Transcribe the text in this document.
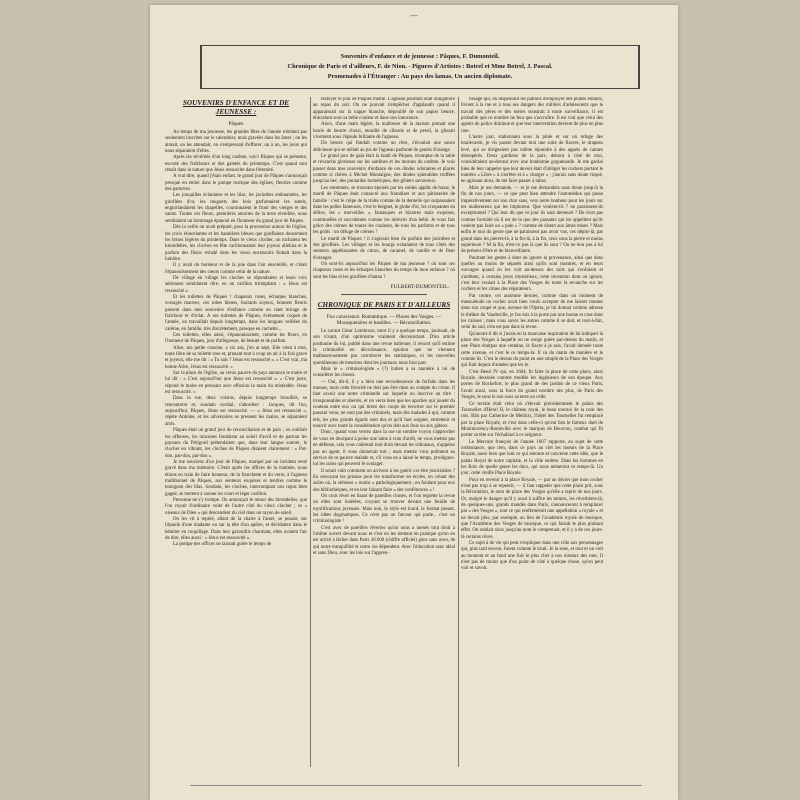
—
Souvenirs d'enfance et de jeunesse : Pâques, F. Dumonteil.
Chronique de Paris et d'ailleurs, F. de Nion. - Pigures d'Artistes : Botrel et Mme Botrel, J. Pascal.
Promenades à l'Étranger : Au pays des lamas, Un ancien diplomate.
SOUVENIRS D'ENFANCE ET DE JEUNESSE :
Pâques

Au temps de ma jeunesse, les grandes fêtes de l'année n'étaient pas seulement inscrites sur le calendrier, mais gravées dans les âmes ; on les aimait, on les attendait, on s'empressait d'effacer, un à un, les jours qui nous séparaient d'elles.

Après les sévérités d'un long carême, voici Pâques qui se présente, escorté des fraîcheurs et des gaietés du printemps. C'est quand tout renaît dans la nature que Jésus ressuscite dans l'éternité.

A vrai dire, quand j'étais enfant, le grand jour de Pâques s'annonçait presque en entier dans le pompe rustique des églises, fleuries comme des parterres.

Les jonquilles éclatantes et les lilas, les jacinthes embaumées, les giroflées d'or, les muguets des bois parfumaient les autels, enguirlandaient les chapelles, couronnaient le front des vierges et des saints. Toutes ces fleurs, premières amortes de la terre réveillée, nous semblaient un hommage épanoui en l'honneur du grand jour de Pâques.

Dès la veille on avait préparé, pour la procession autour de l'église, les croix étincelantes et les bannières bleues que gonflaient doucement les brises légères du printemps. Dans le vieux clocher, on nichaient les hirondelles, les cloches en fête carillonnaient leur joyeux alleluia et le parfum des fleurs exhalé dans les vieux encensoirs flottait dans la lumière.

Il y avait du bonheur et de la joie dans l'air ensoleillé, et c'était l'épanouissement des cœurs comme celui de la nature.

De village en village les cloches se répondaient et leurs voix aériennes semblaient dire, en un carillon triomphant : « Jésus est ressuscité ».

Et les toilettes de Pâques ! chapeaux roses, écharpes blanches, corsages mauves, ces robes bleues, foulards soyeux, bonnets fleuris passent dans mes souvenirs d'enfance comme un riant mirage de fraîcheur et d'éclat. A ses toilettes de Pâques, évènement coquet de l'année, on travaillait depuis longtemps, dans les longues veillées du carême, en famille, très discrètement, presque en cachette...

Ces toilettes, elles aussi, s'épanouissaient, comme les fleurs, en l'honneur de Pâques, jour d'allégresse, de beauté et de parfum.

Alise, ma petite cousine, a six ans, j'en ai sept. Elle vient à moi, toute fière de sa toilette rose et, prenant tout à coup un air à la fois grave et joyeux, elle me dit : « Tu sais ? Jésus est ressuscité ». « C'est vrai, ma bonne Alise, Jésus est ressuscité. »

Sur la place de l'église, au vieux pauvre du pays annonce le maire et lui dit : « C'est aujourd'hui que Jésus est ressuscité ». « C'est juste, répond le maire en pressant avec effusion la main du misérable. Jésus est ressuscité. »

Dans la rue, deux voisins, depuis longtemps brouillés, se rencontrent et, soudain cordial, s'abordent : Jacques, dit l'un, aujourd'hui, Pâques, Jésus est ressuscité. — « Jésus est ressuscité », répète Antoine, et les adversaires se pressent les mains, se séparaient amis.

Pâques était un grand jour de réconciliation et de paix ; on oubliait les offenses, les rancunes fondaient au soleil d'avril et de partout les paysans du Périgord prétendaient que, dans leur langue sonore, le clocher en vibrant, les cloches de Pâques disaient clairement : « Par-don, par-don, par-don ».

Je me souviens d'un jour de Pâques, marqué par un incident resté gravé dans ma mémoire. C'était après les offices de la matinée, nous étions en train de faire honneur, de la fourchette et du verre, à l'agneau traditionnel de Pâques, aux senteurs exquises et tendres comme le bourgeon des lilas. Soudain, les cloches, interrompant nos repas bien gagné, se mettent à sonner un court et léger carillon.

Personne ne s'y trompe. On annonçait le retour des hirondelles, que l'on voyait d'ordinaire voler de l'autre côté du vieux clocher ; ce « oiseaux de Dieu » qui descendent du ciel dans un rayon de soleil.

On les vit à repéré, allant de la chaire à l'autel, se posant, sur l'épaule d'une madame ou sur la tête d'un apôtre, et décidaient dans le bénitier en coquillage. Dans leur gazouillis charmant, elles avaient l'air de dire, elles aussi : « Jésus est ressuscité ».

La pompe des offices ne laissait guère le temps de

festoyer le jour de Pâques même. L'agneau pourtant était obligatoire au repas du soir. On ne pouvait s'empêcher d'applaudir quand il apparaissait sur la nappe blanche, dépouillé de son papier beurre, étincelant sous sa belle couleur et dans son innocence.

Alors, d'une main légère, la maîtresse de la maison prenait une boule de beurre choisi, mouillé de ciboule et de persil, la glissait vivement sous l'épaule brillante de l'agneau.

Du beurre qui fondait comme un rêve, s'écoulait une sauce délicieuse qui se mêlait au jus de l'agneau parfumé de genêts d'orange.

Le grand jour de gala était la lundi de Pâques, triomphe de la table et revanche glorieuse sur les sardines et les morues du carême. Je vois passer dans mes souvenirs d'enfance de ces dindes odorantes et placés comme si chères à Michel Montaigne, des dindes splendides truffées jusqu'au bec, des poulardes homériques, des gibiers savoureux.

Les entremets, se trouvant épuisés par les soldes appâts de bazar, le mardi de Pâques était consacré aux friandises et aux pâtisseries de famille : c'est le crêpe de la truite comme de la dentelle qui surpassaient dans les pelles fameuses, c'est le beignet, le globe d'or, les croquantes en délice, les « merveilles », fantasques et bizarres mais exquises, continuelles et succulentes comme les mièvres d'un bébé. Je vous fais grâce des crèmes de toutes les couleurs, de tous les parfums et de tous les goûts : un déluge de crèmes !

Le mardi de Pâques ! il s'agissait bien du parfum des jacinthes et des giroflées. Les villages et les bourgs exhalaient de tous côtés des senteurs appétissantes de citron, de caramel, de vanille et de fleur d'oranger.

Où sont-ils aujourd'hui les Pâques de ma jeunesse ? où sont ces chapeaux roses et les écharpes blanches du temps de mon enfance ? où sont les lilas et les giroflées d'antan ?

FULBERT-DUMONTEIL.
CHRONIQUE DE PARIS ET D'AILLEURS
Fox conscience. Romantique. — Places des Vosges. — Mousquetaires et bastilles. — Réconciliation.

Le savant César Lombroso, mort il y a quelque temps, jouissait, de son vivant, d'un optimisme vraiment déconcertant. D'un article posthume du lui, publié dans une revue italienne, il ressort qu'il estime la criminalité en décroissance, opinion que ne viennent malheureusement pas corroborer les statistiques, ni les nouvelles quotidiennes de meurtres dont les journaux nous font part.

Mais le « criminologiste » (?) italien a sa manière à lui de considérer les choses.

— Oui, dit-il, il y a bien une recrudescence de forfaits dans les masses, mais cette férocité ne doit pas être mise au compte du crime. Il faut savoir une notre criminelle sur laquelle on inscrive un titre : irresponsables et aberrés, et on verra bien que les apaches qui jouent du couteau entre eux ou qui tirent des coups de revolver sur le premier passant venu, ne sont pas des criminels, mais des malades à qui, comme tels, les plus grands égards sont dus et qu'il faut soigner, entretenir et nourrir avec toute la considération qu'on doit aux fous ou aux gâteux.

Donc, quand vous verrez dans la rue un sombre voyou s'approcher de vous en dissipant à peine une lame à cran d'arrêt, ne vous mettez pas en défense, cela vous coûterait tout droit devant les tribunaux, n'appelez pas un agent, il vous donnerait tort ; mais mettez vous poliment au service de ce pauvre malade et, s'il vous en a laissé le temps, prodiguez-lui les soins qui peuvent le soulager.

Il serait vain comment on arrivera à les guérir car être justiciables ? En envoyant les prisons pour les transformer en écoles, en créant des asiles où, la sérieuse « mains » pathologiquement ; en fondant pour eux des bibliothèques, et en leur faisant faire « des conférences » !

On croit rêver en lisant de pareilles choses, et l'on regrette la revue où elles sont insérées, croyant se trouver devant une feuille de mystifications joyeuses. Mais non, le style est lourd, le format pesant, les idées dogmatiques. Ce n'est pas un farceur qui parle... c'est un criminologiste !

C'est avec de pareilles rêveries qu'on nous a menés tout droit à l'abîme ouvert devant nous et c'est en les mettant en pratique qu'on en est arrivé à lâcher dans Paris 30.000 (chiffre officiel) gens sans aveu, de qui notre tranquillité et notre vie dépendent. Avec l'éducation sans idéal et sans Dieu, avec les lois sur l'appren-

tissage qui, en dispensant les patrons d'employer des jeunes enfants, livrent à la rue et à tous ses dangers des milliers d'adolescents que le travail des pères et des mères soustrait à toute surveillance, il est probable que ce nombre ne fera que s'accroître. Il est vrai que celui des agents de police diminue et que leur intervention devient de plus en plus rare.

L'autre jour, stationnant sous la pluie et sur un refuge des boulevards, je vis passer devant moi une suite de fiacres, le drapeau levé, qui se dirigeaient pas même répondre à des appels de cannes désespérés. Deux gardiens de la paix, debout à côté de moi, considéraient au-devant avec une bonhomie goguenarde. Je me gardai bien de leur rappeler que leur devoir était d'obliger les cochers portant le numéro « Libre » à s'arrêter et à « charger » ; j'aurais sans doute risqué, en agissant ainsi, de me faire passer à tabac.

Mais je me demande, — et je me demandais sans doute jusqu'à la fin de nos jours, — ce que peut bien attendre l'automédon qui passe impérativement sur son char sans, vers notre bonheur pour les jours sur les malheureux qui les implorent. Que veulent-ils ? ne paraissent-ils exceptionnel ? Qui leur dit que ce jour ils sont demeuré ? De n'est pas comme formidé où il est de la que des passants qui les appellent qu'ils veulent pas faire un « pain » ? comme de disent aux âmes mises ? Mais enfin le moi du genre que ne paraissent pas avoir vus, ces dépits-là, par grand dans les pierres-là, à la fin-là, à la fin, ceux sous la pierre et moins supérieure ? M la fin, n'est-ce pas là que ils sont ? Ou ne leur pas à lui de présent d'être et de bienveillante.

Pourtant les gestes à dont on ignore la provenance, ainsi que dans quelles au moins de séparés ainsi qu'ils sont montrés, et en leurs ouvrages quand on les voit au-dessus des toits qui s'enfuient et s'arrêtent, à certains jours mystérieux, cette invention dont on ignore, c'est leur voulait à la Place des Vosges de toute la revanche sur les cochers et les cimes des réparateurs.

Par contre, cet automne dernier, comme dans un moment de mansuétude un cocher avait bien voulu accepter de me laisser monter dans son coupé et que, avenue de l'Opéra, je lui donnai comme adresse le théâtre du Vaudeville, je fus mis à la porte par une bonne et crue dans les caisses ; mais vous savez les autres comme il se doit, et tout-à-fait, celui du sud, n'en est pas dans la revue.

Qu'aurait-il dit si j'avais en la mauvaise inspiration de lui indiquer la place des Vosges à laquelle on ne songe guère par-dessus du matin, et une Place étaitpas une certaine, le fiacre à je sais, l'avait donnée toute cette avenue, et c'est le ce temps-là. Il va du matin de manière et le comme ils. C'est le dessus du point en une simple de la Place des Vosges qui finit depuis d'années que les le.

C'est Henri IV qui, en 1604, fit faire la place de cette place, alors Royale, dessinée comme modèle les ingénieurs de son époque. Aux portes de Rochefort, le plus grand de des jardins de ce vieux Paris, l'avait aussi, sous la force du grand nombre des plus, de Paris des Vosges, le sous le son sous sa terre ou celle.

Ce terrain était celui où s'élevait précédemment le palais des Tournelles d'Henri II, le château royal, le beau tournoi de la cour des rois. Bâti par Catherine de Médicis, l'hôtel des Tournelles fut remplacé par la place Royale, et c'est dans celle-ci qu'eut lieu le fameux duel de Montmorency-Bouteville avec le marquis de Beuvron, combat qui fit porter sa tête sur l'échafaud à ce seigneur.

Le Mercure françois de l'année 1607 rapporte, au sujet de cette ordonnance, que rien, dans ce pays au ciel les mœurs de la Place Royale, aussi bien que tout ce qui entoure et concerne cette idée, que le palais Royal de notre capitale, et la ville entière. Dans les hommes en les Rois de quelle genre les ducs, qui nous mèneront ce temps-là. Un jour, cette vieille Place Royale.

Pour en revenir à la place Royale, — par un décret que mon cocher n'eut pas trop à se repentir, — il faut rappeler que cette place prit, sous la Révolution, le nom de place des Vosges qu'elle a repris de nos jours. Or, malgré le danger qu'il y avait à suffire les termes, les réverbères-là, de quelques-uns, grands mandés dans Paris, s'annonceront à remplacer par « des Vosges », tout ce qui renfermerait une appellation « royale » et ne devait plus, par exemple, au lieu de l'académie royale de musique, que l'Académie des Vosges de musique, ce qui faisait le plus plaisant effet. On oublait alors jusqu'au nom le comprenait, et il y a de ces jours-là certains rêves.

Ce sujet à de vie qui peut s'expliquer dans une ville aux personnages qui, plus tard encore, furent comme le bruit. Je la sens, et tout et on voit au moment et au fond une fois le plus cher à nos oiseaux des rues. Il n'est pas de moins que d'un point de côté à quelque chose, qu'on peut voir et savoir.
